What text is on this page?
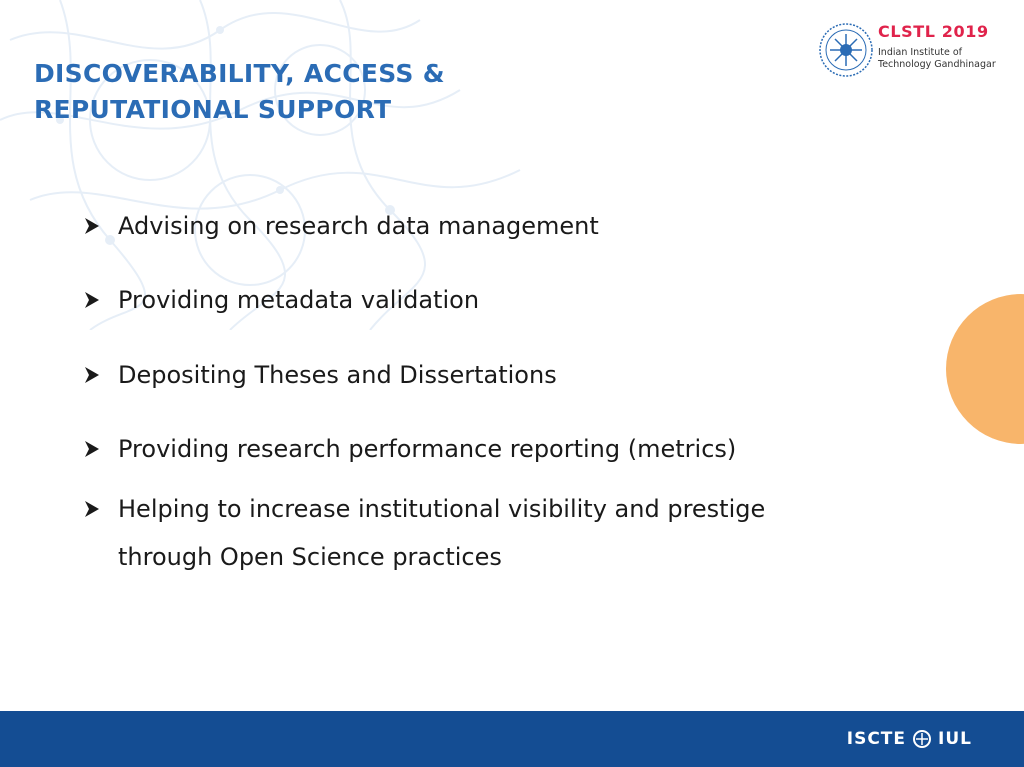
DISCOVERABILITY, ACCESS &
REPUTATIONAL SUPPORT
CLSTL 2019
Indian Institute of
Technology Gandhinagar
Advising on research data management
Providing metadata validation
Depositing Theses and Dissertations
Providing research performance reporting (metrics)
Helping to increase institutional visibility and prestige
through Open Science practices
ISCTE IUL
